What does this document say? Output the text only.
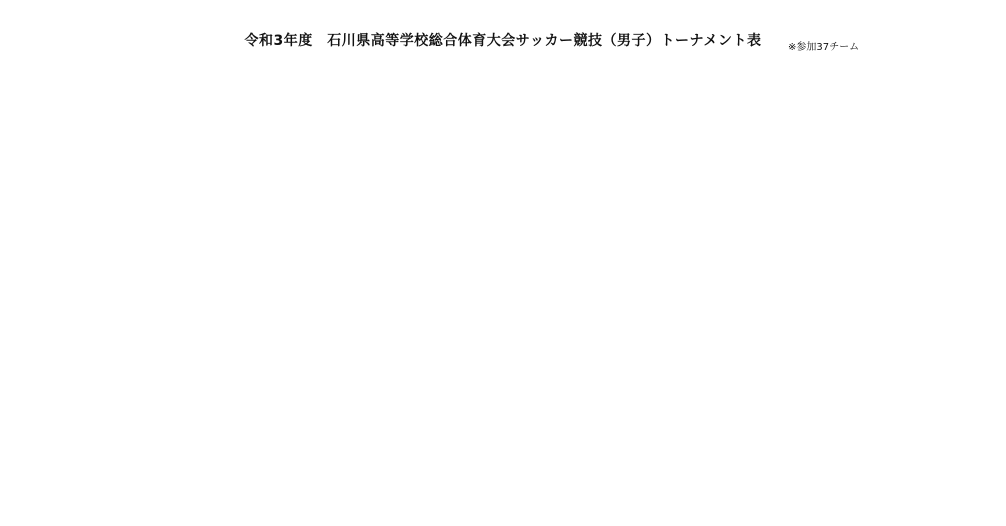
令和3年度　石川県高等学校総合体育大会サッカー競技（男子）トーナメント表	※参加37チーム
